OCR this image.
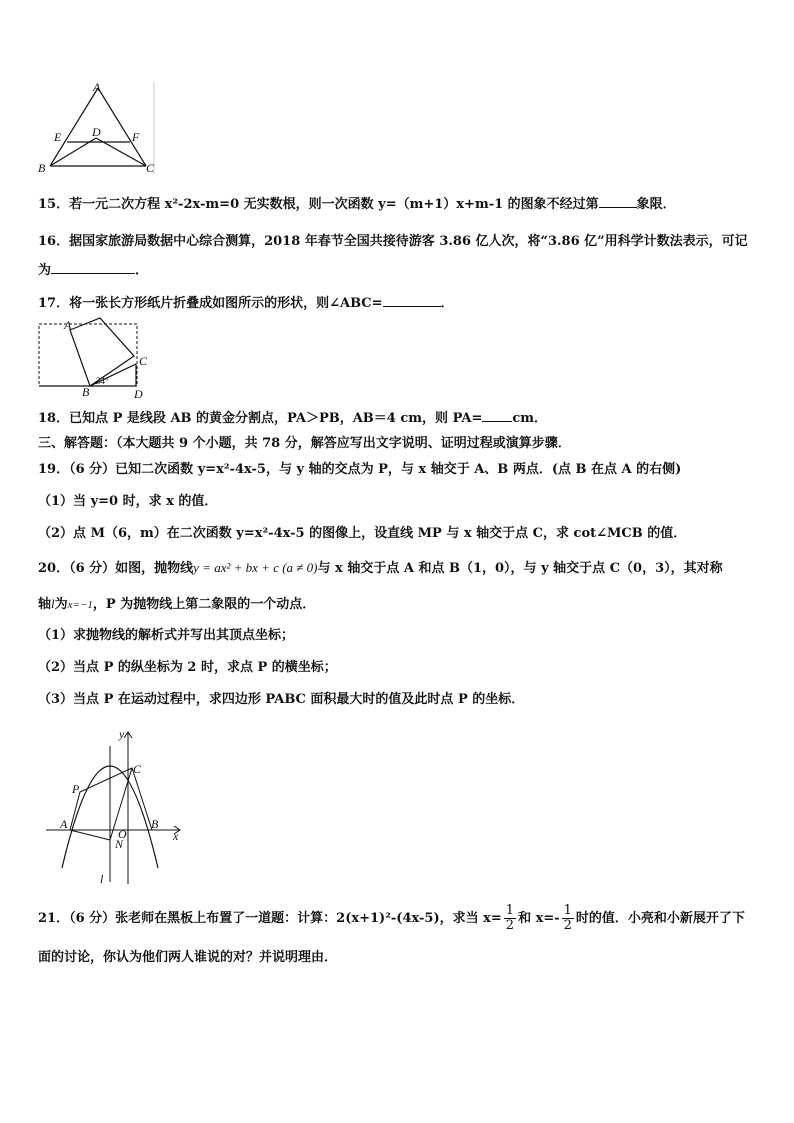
A
E	D	F
B	C
15．若一元二次方程 x²-2x-m=0 无实数根，则一次函数 y=（m+1）x+m-1 的图象不经过第	象限．
16．据国家旅游局数据中心综合测算，2018 年春节全国共接待游客 3.86 亿人次，将“3.86 亿”用科学计数法表示，可记
为	．
17．将一张长方形纸片折叠成如图所示的形状，则∠ABC=	．
A
C
B	D
34°
18．已知点 P 是线段 AB 的黄金分割点，PA＞PB，AB＝4 cm，则 PA= cm．
三、解答题：（本大题共 9 个小题，共 78 分，解答应写出文字说明、证明过程或演算步骤．
19．（6 分）已知二次函数 y=x²-4x-5，与 y 轴的交点为 P，与 x 轴交于 A、B 两点．(点 B 在点 A 的右侧)
（1）当 y=0 时，求 x 的值．
（2）点 M（6，m）在二次函数 y=x²-4x-5 的图像上，设直线 MP 与 x 轴交于点 C，求 cot∠MCB 的值．
20．（6 分）如图，抛物线y = ax² + bx + c (a ≠ 0)与 x 轴交于点 A 和点 B（1，0），与 y 轴交于点 C（0，3），其对称
轴l为x=−1，P 为抛物线上第二象限的一个动点．
（1）求抛物线的解析式并写出其顶点坐标；
（2）当点 P 的纵坐标为 2 时，求点 P 的横坐标；
（3）当点 P 在运动过程中，求四边形 PABC 面积最大时的值及此时点 P 的坐标．
y
C
P
A
O
B
x
N
l
21．（6 分）张老师在黑板上布置了一道题：计算：2(x+1)²-(4x-5)，求当 $x= \frac{1}{2}$ 和 $x=- \frac{1}{2}$ 时的值．小亮和小新展开了下
面的讨论，你认为他们两人谁说的对？并说明理由．
